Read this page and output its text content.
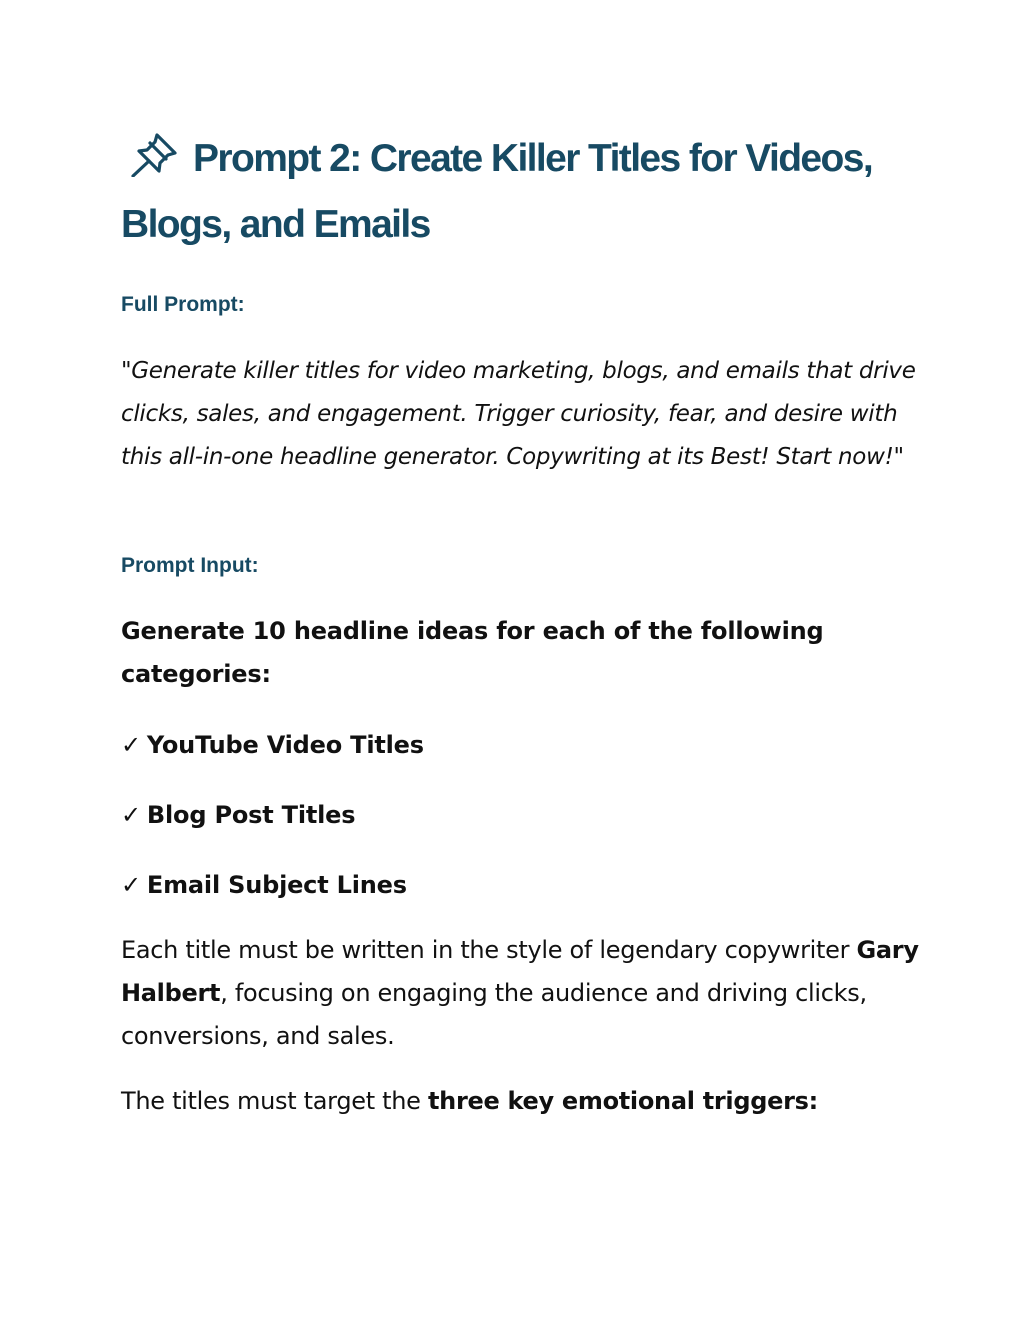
Prompt 2: Create Killer Titles for Videos, Blogs, and Emails

Full Prompt:

"Generate killer titles for video marketing, blogs, and emails that drive clicks, sales, and engagement. Trigger curiosity, fear, and desire with this all-in-one headline generator. Copywriting at its Best! Start now!"

Prompt Input:

Generate 10 headline ideas for each of the following categories:

✓ YouTube Video Titles

✓ Blog Post Titles

✓ Email Subject Lines

Each title must be written in the style of legendary copywriter Gary Halbert, focusing on engaging the audience and driving clicks, conversions, and sales.

The titles must target the three key emotional triggers:
